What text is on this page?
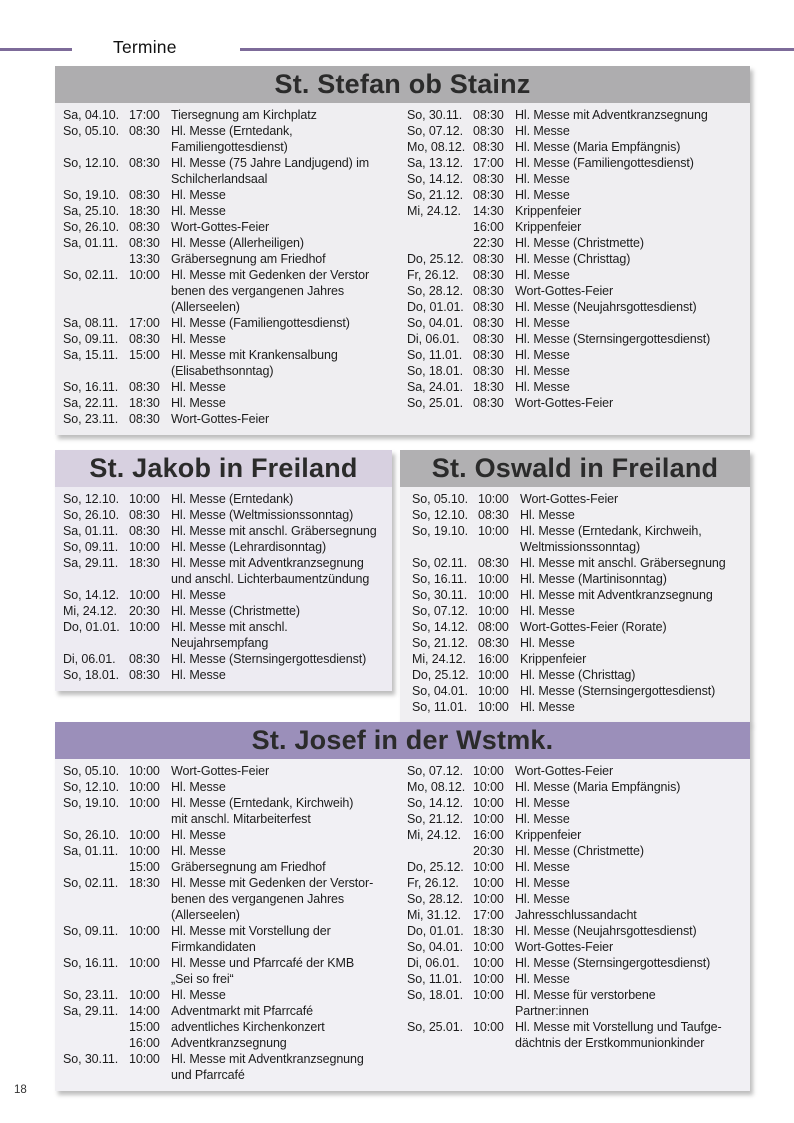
Termine
St. Stefan ob Stainz
Sa, 04.10. 17:00 Tiersegnung am Kirchplatz
So, 05.10. 08:30 Hl. Messe (Erntedank,
Familiengottesdienst)
So, 12.10. 08:30 Hl. Messe (75 Jahre Landjugend) im
Schilcherlandsaal
So, 19.10. 08:30 Hl. Messe
Sa, 25.10. 18:30 Hl. Messe
So, 26.10. 08:30 Wort-Gottes-Feier
Sa, 01.11. 08:30 Hl. Messe (Allerheiligen)
13:30 Gräbersegnung am Friedhof
So, 02.11. 10:00 Hl. Messe mit Gedenken der Verstor
benen des vergangenen Jahres
(Allerseelen)
Sa, 08.11. 17:00 Hl. Messe (Familiengottesdienst)
So, 09.11. 08:30 Hl. Messe
Sa, 15.11. 15:00 Hl. Messe mit Krankensalbung
(Elisabethsonntag)
So, 16.11. 08:30 Hl. Messe
Sa, 22.11. 18:30 Hl. Messe
So, 23.11. 08:30 Wort-Gottes-Feier
So, 30.11. 08:30 Hl. Messe mit Adventkranzsegnung
So, 07.12. 08:30 Hl. Messe
Mo, 08.12. 08:30 Hl. Messe (Maria Empfängnis)
Sa, 13.12. 17:00 Hl. Messe (Familiengottesdienst)
So, 14.12. 08:30 Hl. Messe
So, 21.12. 08:30 Hl. Messe
Mi, 24.12. 14:30 Krippenfeier
16:00 Krippenfeier
22:30 Hl. Messe (Christmette)
Do, 25.12. 08:30 Hl. Messe (Christtag)
Fr, 26.12.	08:30 Hl. Messe
So, 28.12. 08:30 Wort-Gottes-Feier
Do, 01.01. 08:30 Hl. Messe (Neujahrsgottesdienst)
So, 04.01. 08:30 Hl. Messe
Di, 06.01.	08:30 Hl. Messe (Sternsingergottesdienst)
So, 11.01. 08:30 Hl. Messe
So, 18.01. 08:30 Hl. Messe
Sa, 24.01. 18:30 Hl. Messe
So, 25.01. 08:30 Wort-Gottes-Feier
St. Jakob in Freiland
So, 12.10. 10:00 Hl. Messe (Erntedank)
So, 26.10. 08:30 Hl. Messe (Weltmissionssonntag)
Sa, 01.11. 08:30 Hl. Messe mit anschl. Gräbersegnung
So, 09.11. 10:00 Hl. Messe (Lehrardisonntag)
Sa, 29.11. 18:30 Hl. Messe mit Adventkranzsegnung
und anschl. Lichterbaumentzündung
So, 14.12. 10:00 Hl. Messe
Mi, 24.12. 20:30 Hl. Messe (Christmette)
Do, 01.01. 10:00 Hl. Messe mit anschl.
Neujahrsempfang
Di, 06.01.	08:30 Hl. Messe (Sternsingergottesdienst)
So, 18.01. 08:30 Hl. Messe
St. Oswald in Freiland
So, 05.10. 10:00 Wort-Gottes-Feier
So, 12.10. 08:30 Hl. Messe
So, 19.10. 10:00 Hl. Messe (Erntedank, Kirchweih,
Weltmissionssonntag)
So, 02.11. 08:30 Hl. Messe mit anschl. Gräbersegnung
So, 16.11. 10:00 Hl. Messe (Martinisonntag)
So, 30.11. 10:00 Hl. Messe mit Adventkranzsegnung
So, 07.12. 10:00 Hl. Messe
So, 14.12. 08:00 Wort-Gottes-Feier (Rorate)
So, 21.12. 08:30 Hl. Messe
Mi, 24.12. 16:00 Krippenfeier
Do, 25.12. 10:00 Hl. Messe (Christtag)
So, 04.01. 10:00 Hl. Messe (Sternsingergottesdienst)
So, 11.01. 10:00 Hl. Messe
St. Josef in der Wstmk.
So, 05.10. 10:00 Wort-Gottes-Feier
So, 12.10. 10:00 Hl. Messe
So, 19.10. 10:00 Hl. Messe (Erntedank, Kirchweih)
mit anschl. Mitarbeiterfest
So, 26.10. 10:00 Hl. Messe
Sa, 01.11. 10:00 Hl. Messe
15:00 Gräbersegnung am Friedhof
So, 02.11. 18:30 Hl. Messe mit Gedenken der Verstor-
benen des vergangenen Jahres
(Allerseelen)
So, 09.11. 10:00 Hl. Messe mit Vorstellung der
Firmkandidaten
So, 16.11. 10:00 Hl. Messe und Pfarrcafé der KMB
„Sei so frei“
So, 23.11. 10:00 Hl. Messe
Sa, 29.11. 14:00 Adventmarkt mit Pfarrcafé
15:00 adventliches Kirchenkonzert
16:00 Adventkranzsegnung
So, 30.11. 10:00 Hl. Messe mit Adventkranzsegnung
und Pfarrcafé
So, 07.12. 10:00 Wort-Gottes-Feier
Mo, 08.12. 10:00 Hl. Messe (Maria Empfängnis)
So, 14.12. 10:00 Hl. Messe
So, 21.12. 10:00 Hl. Messe
Mi, 24.12. 16:00 Krippenfeier
20:30 Hl. Messe (Christmette)
Do, 25.12. 10:00 Hl. Messe
Fr, 26.12.	10:00 Hl. Messe
So, 28.12. 10:00 Hl. Messe
Mi, 31.12. 17:00 Jahresschlussandacht
Do, 01.01. 18:30 Hl. Messe (Neujahrsgottesdienst)
So, 04.01. 10:00 Wort-Gottes-Feier
Di, 06.01.	10:00 Hl. Messe (Sternsingergottesdienst)
So, 11.01. 10:00 Hl. Messe
So, 18.01. 10:00 Hl. Messe für verstorbene
Partner:innen
So, 25.01. 10:00 Hl. Messe mit Vorstellung und Taufge-
dächtnis der Erstkommunionkinder
18
